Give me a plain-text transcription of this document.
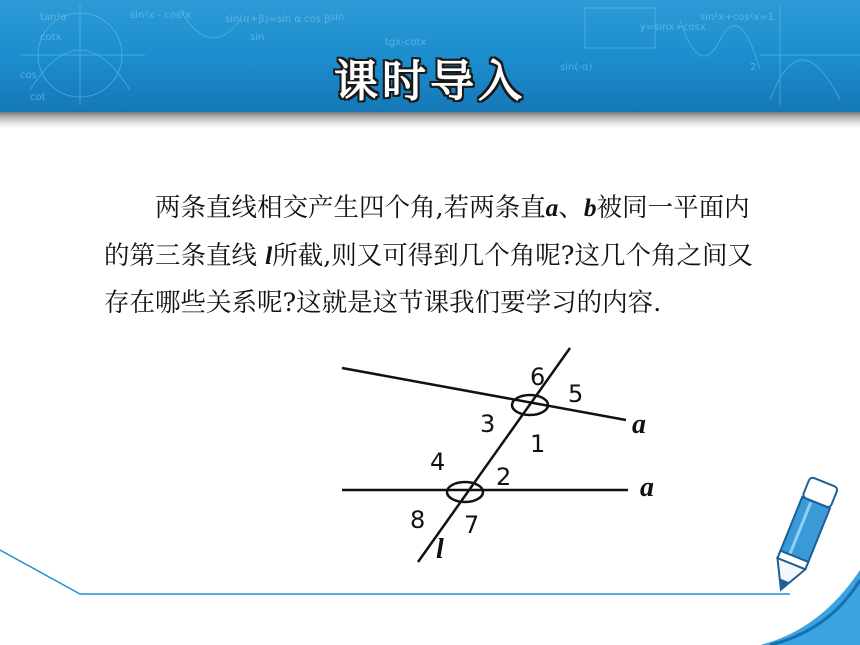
tan²α	sin²x - cos²x
cos
sin(α+β)=sin α cos β
y=sinx+cosx
2
cot
cotx	tgx-cotx
sin
sin(-α)
sin²x+cos²x=1
sin
课时导入

两条直线相交产生四个角,若两条直a、b被同一平面内的第三条直线 l所截,则又可得到几个角呢?这几个角之间又存在哪些关系呢?这就是这节课我们要学习的内容.

6
5
3
1
4
2
8 7
a
a
l
